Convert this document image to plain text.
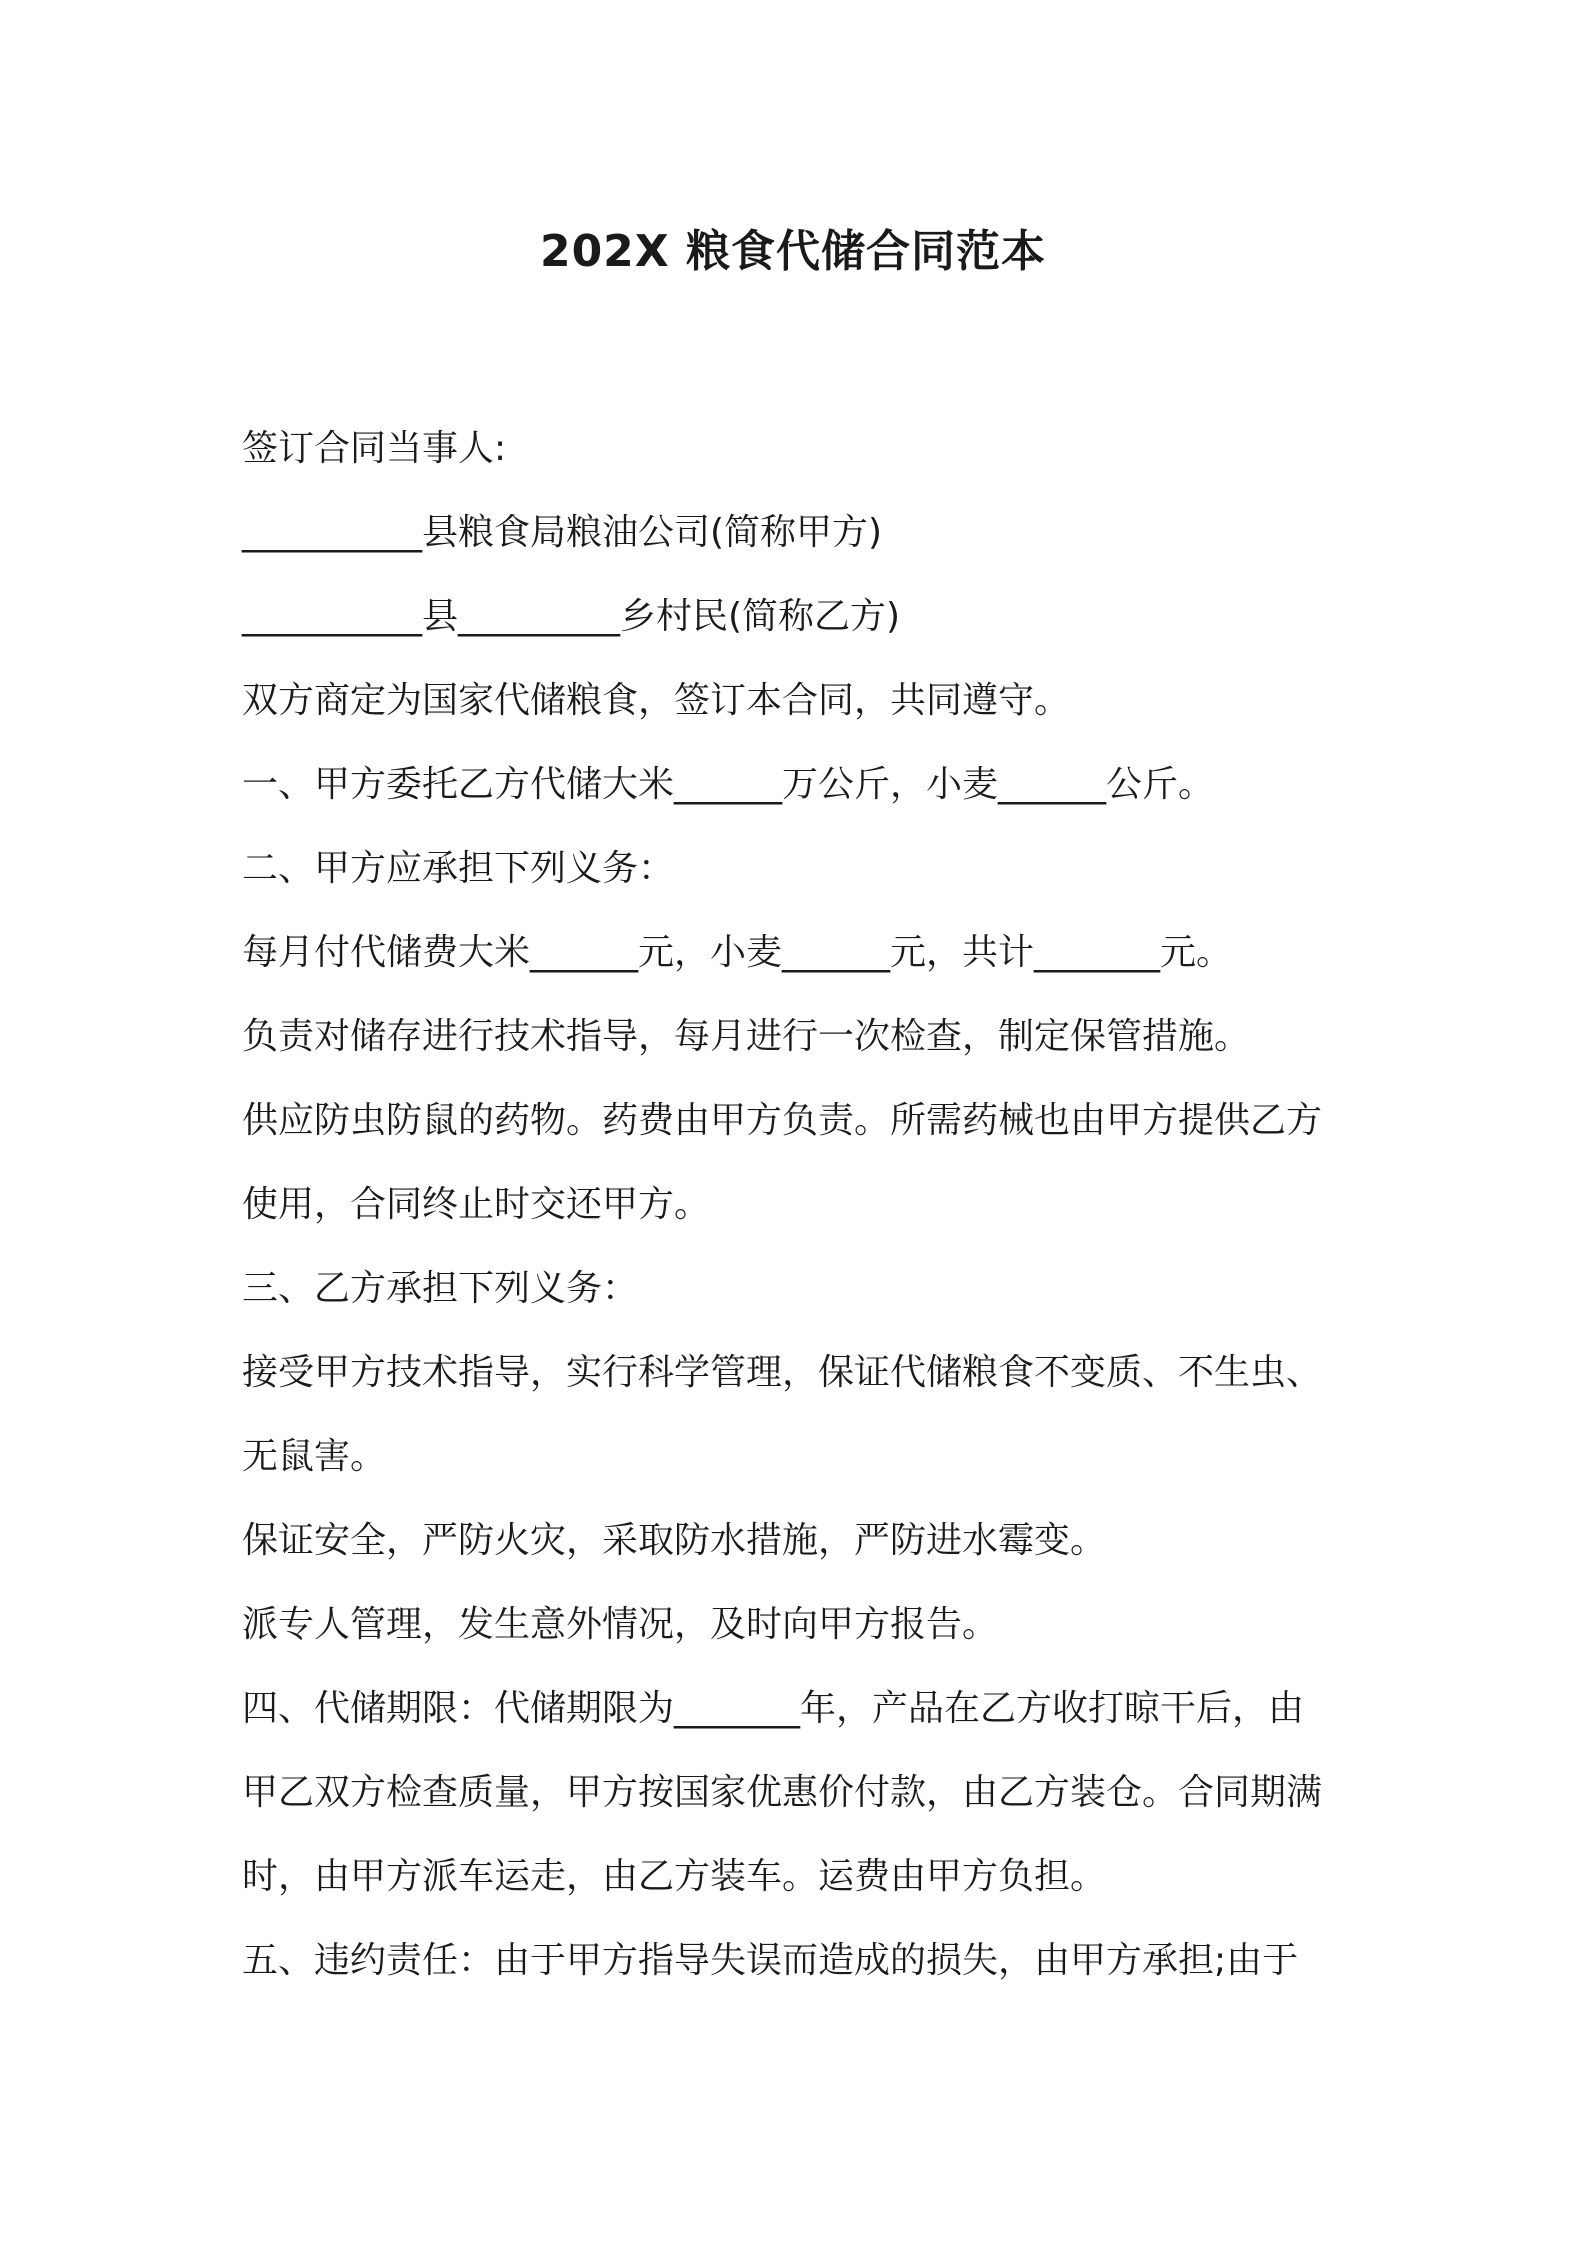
202X 粮食代储合同范本

签订合同当事人:

__________县粮食局粮油公司(简称甲方)

__________县_________乡村民(简称乙方)

双方商定为国家代储粮食，签订本合同，共同遵守。

一、甲方委托乙方代储大米______万公斤，小麦______公斤。

二、甲方应承担下列义务：

每月付代储费大米______元，小麦______元，共计_______元。

负责对储存进行技术指导，每月进行一次检查，制定保管措施。

供应防虫防鼠的药物。药费由甲方负责。所需药械也由甲方提供乙方

使用，合同终止时交还甲方。

三、乙方承担下列义务：

接受甲方技术指导，实行科学管理，保证代储粮食不变质、不生虫、

无鼠害。

保证安全，严防火灾，采取防水措施，严防进水霉变。

派专人管理，发生意外情况，及时向甲方报告。

四、代储期限：代储期限为_______年，产品在乙方收打晾干后，由

甲乙双方检查质量，甲方按国家优惠价付款，由乙方装仓。合同期满

时，由甲方派车运走，由乙方装车。运费由甲方负担。

五、违约责任：由于甲方指导失误而造成的损失，由甲方承担;由于
